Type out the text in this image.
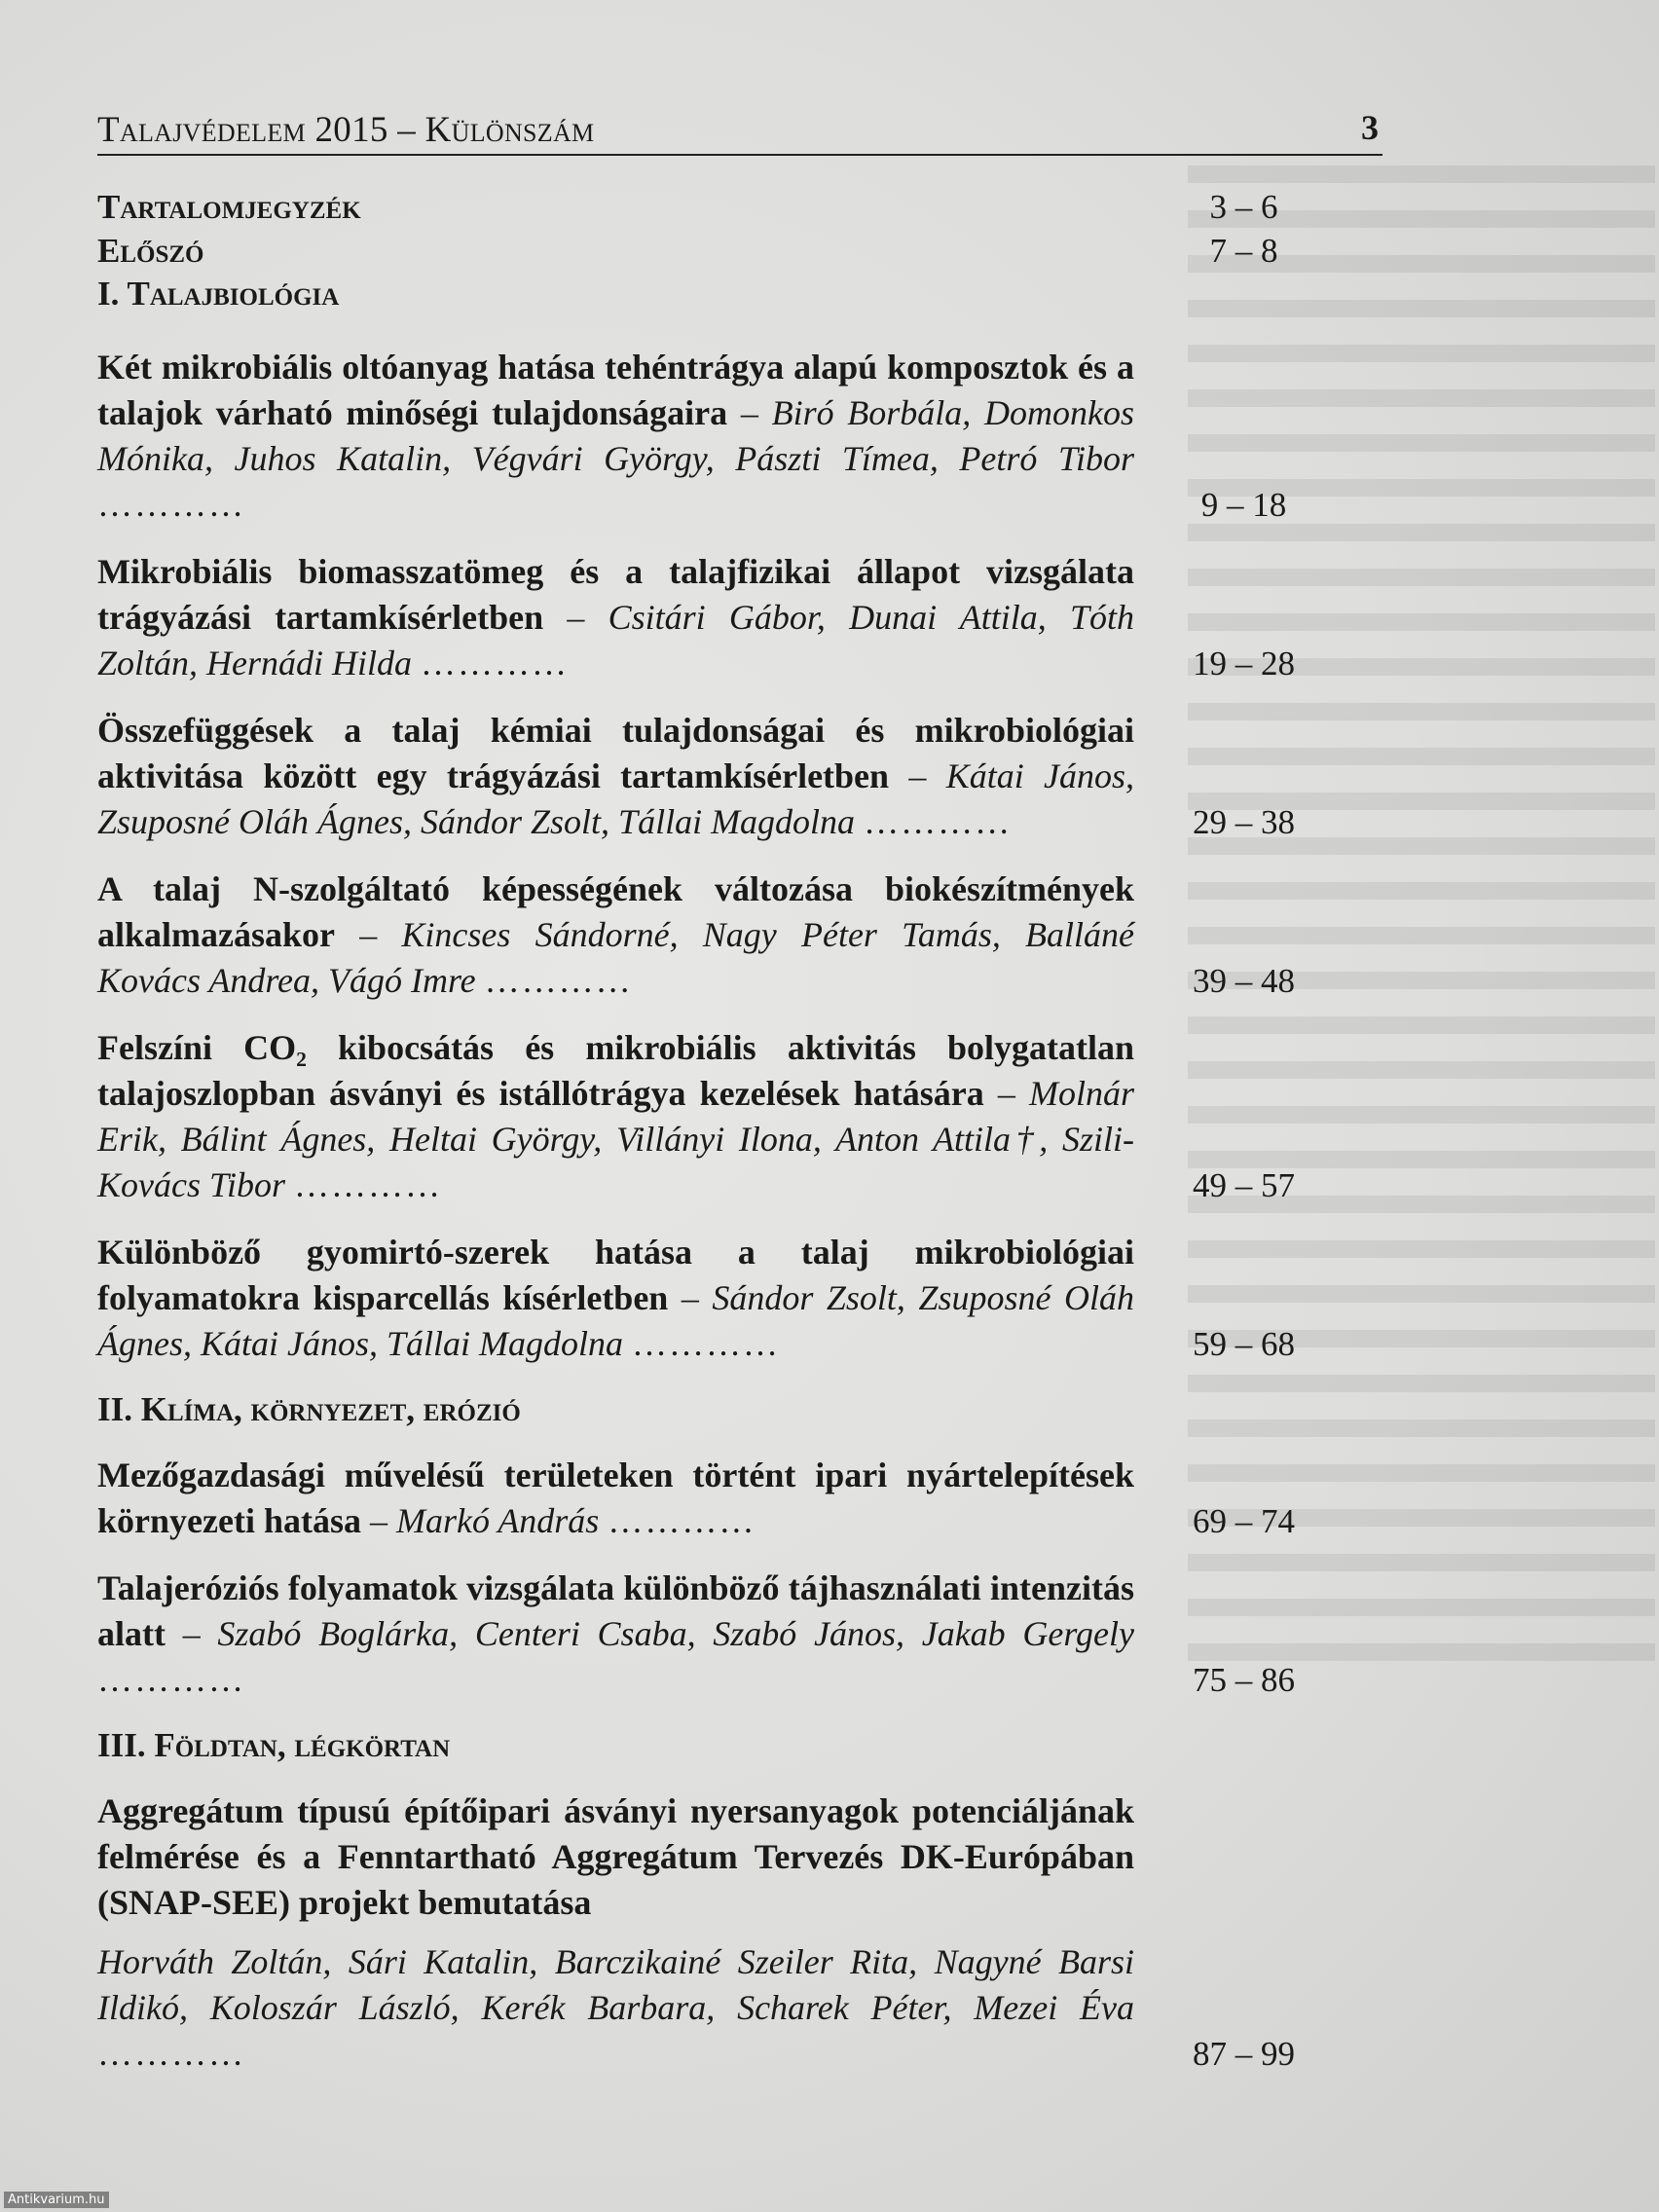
Talajvédelem 2015 – Különszám	3
Tartalomjegyzék	3 – 6
Előszó	7 – 8
I. Talajbiológia
Két mikrobiális oltóanyag hatása tehéntrágya alapú komposztok és a talajok várható minőségi tulajdonságaira – Biró Borbála, Domonkos Mónika, Juhos Katalin, Végvári György, Pászti Tímea, Petró Tibor …………	9 – 18
Mikrobiális biomasszatömeg és a talajfizikai állapot vizsgálata trágyázási tartamkísérletben – Csitári Gábor, Dunai Attila, Tóth Zoltán, Hernádi Hilda …………	19 – 28
Összefüggések a talaj kémiai tulajdonságai és mikrobiológiai aktivitása között egy trágyázási tartamkísérletben – Kátai János, Zsuposné Oláh Ágnes, Sándor Zsolt, Tállai Magdolna …………	29 – 38
A talaj N-szolgáltató képességének változása biokészítmények alkalmazásakor – Kincses Sándorné, Nagy Péter Tamás, Balláné Kovács Andrea, Vágó Imre …………	39 – 48
Felszíni CO₂ kibocsátás és mikrobiális aktivitás bolygatatlan talajoszlopban ásványi és istállótrágya kezelések hatására – Molnár Erik, Bálint Ágnes, Heltai György, Villányi Ilona, Anton Attila†, Szili-Kovács Tibor …………	49 – 57
Különböző gyomirtó-szerek hatása a talaj mikrobiológiai folyamatokra kisparcellás kísérletben – Sándor Zsolt, Zsuposné Oláh Ágnes, Kátai János, Tállai Magdolna …………	59 – 68
II. Klíma, környezet, erózió
Mezőgazdasági művelésű területeken történt ipari nyártelepítések környezeti hatása – Markó András …………	69 – 74
Talajeróziós folyamatok vizsgálata különböző tájhasználati intenzitás alatt – Szabó Boglárka, Centeri Csaba, Szabó János, Jakab Gergely …………	75 – 86
III. Földtan, légkörtan
Aggregátum típusú építőipari ásványi nyersanyagok potenciáljának felmérése és a Fenntartható Aggregátum Tervezés DK-Európában (SNAP-SEE) projekt bemutatása
Horváth Zoltán, Sári Katalin, Barczikainé Szeiler Rita, Nagyné Barsi Ildikó, Koloszár László, Kerék Barbara, Scharek Péter, Mezei Éva …………	87 – 99
Antikvarium.hu
